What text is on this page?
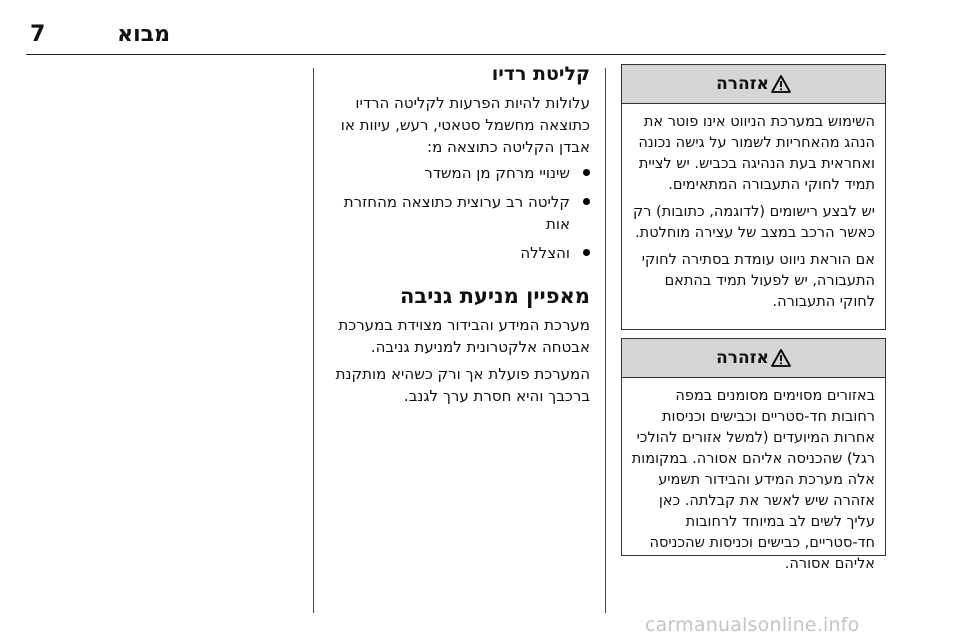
מבוא
7
קליטת רדיו

עלולות להיות הפרעות לקליטה הרדיו כתוצאה מחשמל סטאטי, רעש, עיוות או אבדן הקליטה כתוצאה מ:

שינויי מרחק מן המשדר
קליטה רב ערוצית כתוצאה מהחזרת אות
והצללה
מאפיין מניעת גניבה

מערכת המידע והבידור מצוידת במערכת אבטחה אלקטרונית למניעת גניבה.

המערכת פועלת אך ורק כשהיא מותקנת ברכבך והיא חסרת ערך לגנב.

אזהרה

השימוש במערכת הניווט אינו פוטר את הנהג מהאחריות לשמור על גישה נכונה ואחראית בעת הנהיגה בכביש. יש לציית תמיד לחוקי התעבורה המתאימים.

יש לבצע רישומים (לדוגמה, כתובות) רק כאשר הרכב במצב של עצירה מוחלטת.

אם הוראת ניווט עומדת בסתירה לחוקי התעבורה, יש לפעול תמיד בהתאם לחוקי התעבורה.

אזהרה

באזורים מסוימים מסומנים במפה רחובות חד-סטריים וכבישים וכניסות אחרות המיועדים (למשל אזורים להולכי רגל) שהכניסה אליהם אסורה. במקומות אלה מערכת המידע והבידור תשמיע אזהרה שיש לאשר את קבלתה. כאן עליך לשים לב במיוחד לרחובות חד-סטריים, כבישים וכניסות שהכניסה אליהם אסורה.

carmanualsonline.info
